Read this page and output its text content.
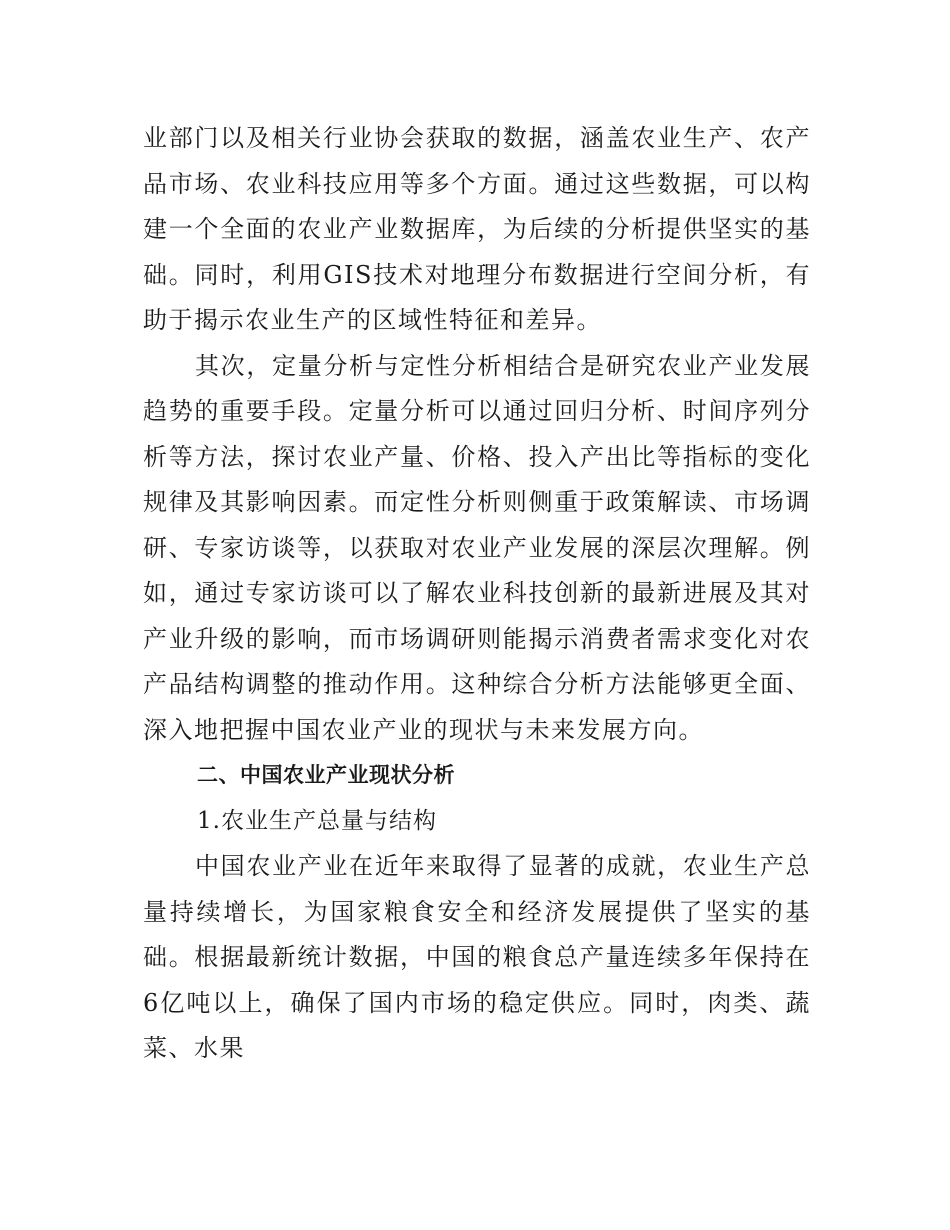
业部门以及相关行业协会获取的数据，涵盖农业生产、农产品市场、农业科技应用等多个方面。通过这些数据，可以构建一个全面的农业产业数据库，为后续的分析提供坚实的基础。同时，利用GIS技术对地理分布数据进行空间分析，有助于揭示农业生产的区域性特征和差异。

其次，定量分析与定性分析相结合是研究农业产业发展趋势的重要手段。定量分析可以通过回归分析、时间序列分析等方法，探讨农业产量、价格、投入产出比等指标的变化规律及其影响因素。而定性分析则侧重于政策解读、市场调研、专家访谈等，以获取对农业产业发展的深层次理解。例如，通过专家访谈可以了解农业科技创新的最新进展及其对产业升级的影响，而市场调研则能揭示消费者需求变化对农产品结构调整的推动作用。这种综合分析方法能够更全面、深入地把握中国农业产业的现状与未来发展方向。

二、中国农业产业现状分析

1.农业生产总量与结构

中国农业产业在近年来取得了显著的成就，农业生产总量持续增长，为国家粮食安全和经济发展提供了坚实的基础。根据最新统计数据，中国的粮食总产量连续多年保持在6亿吨以上，确保了国内市场的稳定供应。同时，肉类、蔬菜、水果
